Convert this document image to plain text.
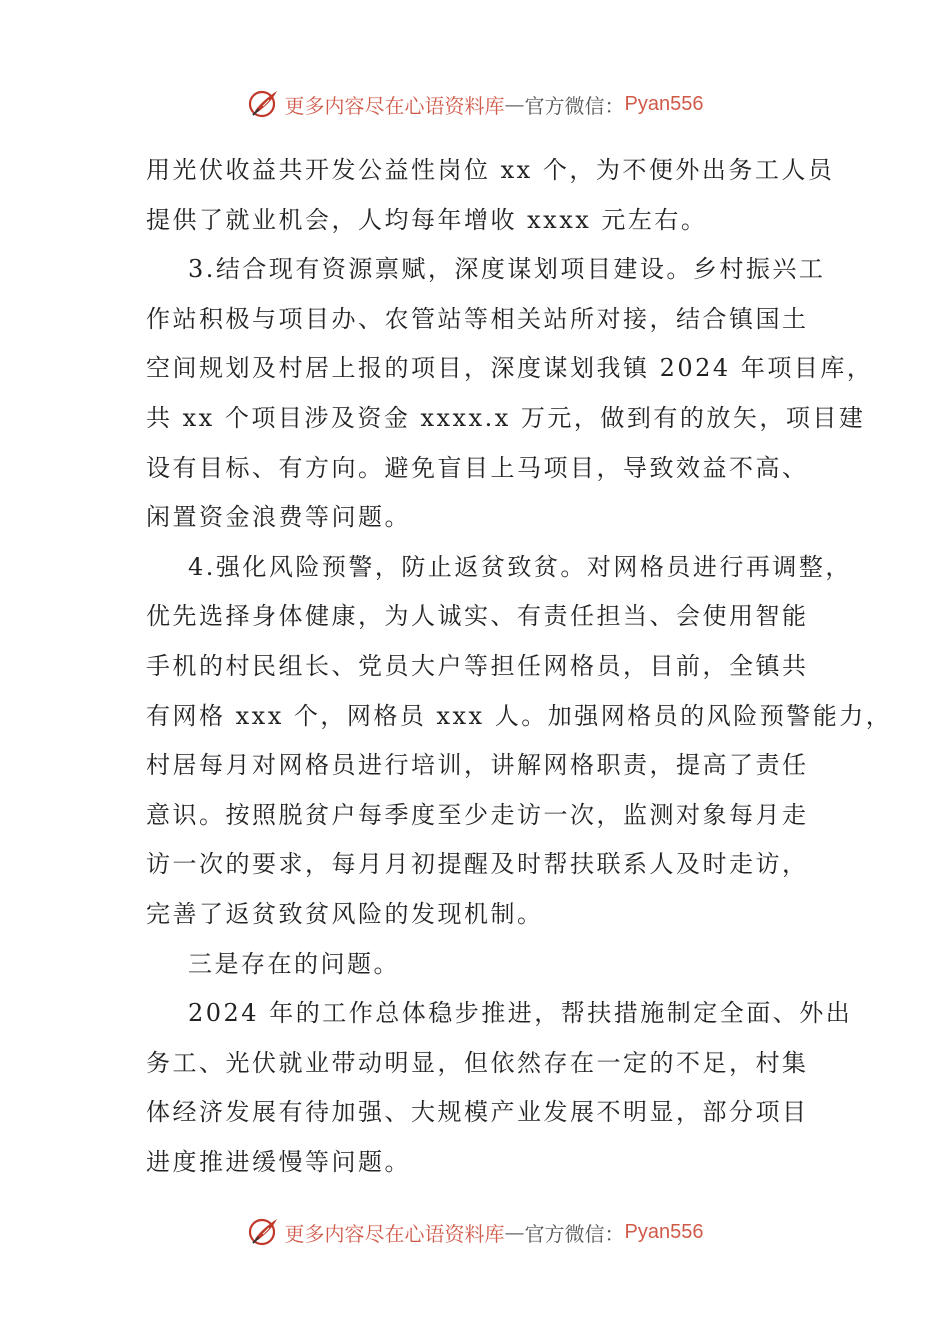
更多内容尽在心语资料库 — 官方微信： Pyan556
用光伏收益共开发公益性岗位 xx 个，为不便外出务工人员
提供了就业机会，人均每年增收 xxxx 元左右。
3.结合现有资源禀赋，深度谋划项目建设。乡村振兴工
作站积极与项目办、农管站等相关站所对接，结合镇国土
空间规划及村居上报的项目，深度谋划我镇 2024 年项目库，
共 xx 个项目涉及资金 xxxx.x 万元，做到有的放矢，项目建
设有目标、有方向。避免盲目上马项目，导致效益不高、
闲置资金浪费等问题。
4.强化风险预警，防止返贫致贫。对网格员进行再调整，
优先选择身体健康，为人诚实、有责任担当、会使用智能
手机的村民组长、党员大户等担任网格员，目前，全镇共
有网格 xxx 个，网格员 xxx 人。加强网格员的风险预警能力，
村居每月对网格员进行培训，讲解网格职责，提高了责任
意识。按照脱贫户每季度至少走访一次，监测对象每月走
访一次的要求，每月月初提醒及时帮扶联系人及时走访，
完善了返贫致贫风险的发现机制。
三是存在的问题。
2024 年的工作总体稳步推进，帮扶措施制定全面、外出
务工、光伏就业带动明显，但依然存在一定的不足，村集
体经济发展有待加强、大规模产业发展不明显，部分项目
进度推进缓慢等问题。
更多内容尽在心语资料库 — 官方微信： Pyan556
